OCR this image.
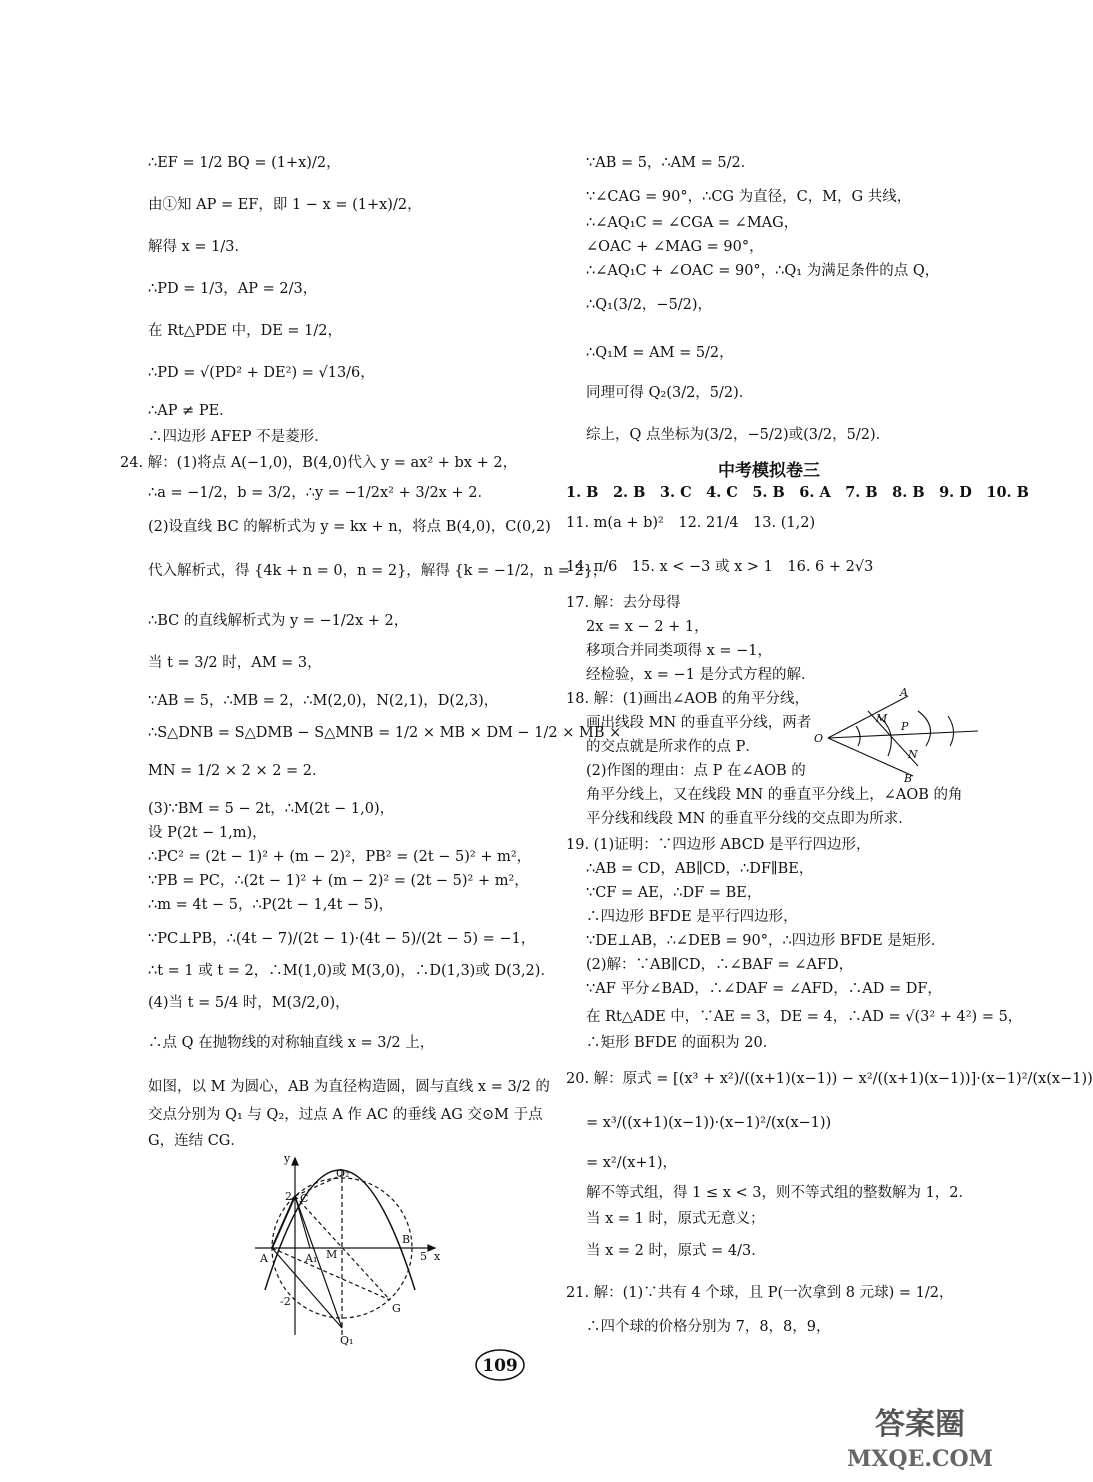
∴EF = 1/2 BQ = (1+x)/2，
由①知 AP = EF，即 1 − x = (1+x)/2，
解得 x = 1/3．
∴PD = 1/3，AP = 2/3，
在 Rt△PDE 中，DE = 1/2，
∴PD = √(PD² + DE²) = √13/6，
∴AP ≠ PE．
∴四边形 AFEP 不是菱形．
24. 解：(1)将点 A(−1,0)，B(4,0)代入 y = ax² + bx + 2，
∴a = −1/2，b = 3/2，∴y = −1/2x² + 3/2x + 2．
(2)设直线 BC 的解析式为 y = kx + n，将点 B(4,0)，C(0,2)
代入解析式，得 {4k + n = 0，n = 2}，解得 {k = −1/2，n = 2}，
∴BC 的直线解析式为 y = −1/2x + 2，
当 t = 3/2 时，AM = 3，
∵AB = 5，∴MB = 2，∴M(2,0)，N(2,1)，D(2,3)，
∴S△DNB = S△DMB − S△MNB = 1/2 × MB × DM − 1/2 × MB ×
MN = 1/2 × 2 × 2 = 2．
(3)∵BM = 5 − 2t，∴M(2t − 1,0)，
设 P(2t − 1,m)，
∴PC² = (2t − 1)² + (m − 2)²，PB² = (2t − 5)² + m²，
∵PB = PC，∴(2t − 1)² + (m − 2)² = (2t − 5)² + m²，
∴m = 4t − 5，∴P(2t − 1,4t − 5)，
∵PC⊥PB，∴(4t − 7)/(2t − 1)·(4t − 5)/(2t − 5) = −1，
∴t = 1 或 t = 2，∴M(1,0)或 M(3,0)，∴D(1,3)或 D(3,2)．
(4)当 t = 5/4 时，M(3/2,0)，
∴点 Q 在抛物线的对称轴直线 x = 3/2 上，
如图，以 M 为圆心，AB 为直径构造圆，圆与直线 x = 3/2 的
交点分别为 Q₁ 与 Q₂，过点 A 作 AC 的垂线 AG 交⊙M 于点
G，连结 CG．
y
Q₂
C
2
A	A₁ M
B
5 x
-2
G
Q₁
∵AB = 5，∴AM = 5/2．
∵∠CAG = 90°，∴CG 为直径，C，M，G 共线，
∴∠AQ₁C = ∠CGA = ∠MAG，
∠OAC + ∠MAG = 90°，
∴∠AQ₁C + ∠OAC = 90°，∴Q₁ 为满足条件的点 Q，
∴Q₁(3/2，−5/2)，
∴Q₁M = AM = 5/2，
同理可得 Q₂(3/2，5/2)．
综上，Q 点坐标为(3/2，−5/2)或(3/2，5/2)．
中考模拟卷三
1. B　2. B　3. C　4. C　5. B　6. A　7. B　8. B　9. D　10. B
11. m(a + b)²　12. 21/4　13. (1,2)
14. π/6　15. x < −3 或 x > 1　16. 6 + 2√3
17. 解：去分母得
2x = x − 2 + 1，
移项合并同类项得 x = −1，
经检验，x = −1 是分式方程的解．
18. 解：(1)画出∠AOB 的角平分线，
画出线段 MN 的垂直平分线，两者
的交点就是所求作的点 P．
(2)作图的理由：点 P 在∠AOB 的
角平分线上，又在线段 MN 的垂直平分线上，∠AOB 的角
平分线和线段 MN 的垂直平分线的交点即为所求．
19. (1)证明：∵四边形 ABCD 是平行四边形，
∴AB = CD，AB∥CD，∴DF∥BE，
∵CF = AE，∴DF = BE，
∴四边形 BFDE 是平行四边形，
∵DE⊥AB，∴∠DEB = 90°，∴四边形 BFDE 是矩形．
(2)解：∵AB∥CD，∴∠BAF = ∠AFD，
∵AF 平分∠BAD，∴∠DAF = ∠AFD，∴AD = DF，
在 Rt△ADE 中，∵AE = 3，DE = 4，∴AD = √(3² + 4²) = 5，
∴矩形 BFDE 的面积为 20．
20. 解：原式 = [(x³ + x²)/((x+1)(x−1)) − x²/((x+1)(x−1))]·(x−1)²/(x(x−1))
= x³/((x+1)(x−1))·(x−1)²/(x(x−1))
= x²/(x+1)，
解不等式组，得 1 ≤ x < 3，则不等式组的整数解为 1，2．
当 x = 1 时，原式无意义；
当 x = 2 时，原式 = 4/3．
21. 解：(1)∵共有 4 个球，且 P(一次拿到 8 元球) = 1/2，
∴四个球的价格分别为 7，8，8，9，
A
M
P
O
N
B
109
答案圈
MXQE.COM
